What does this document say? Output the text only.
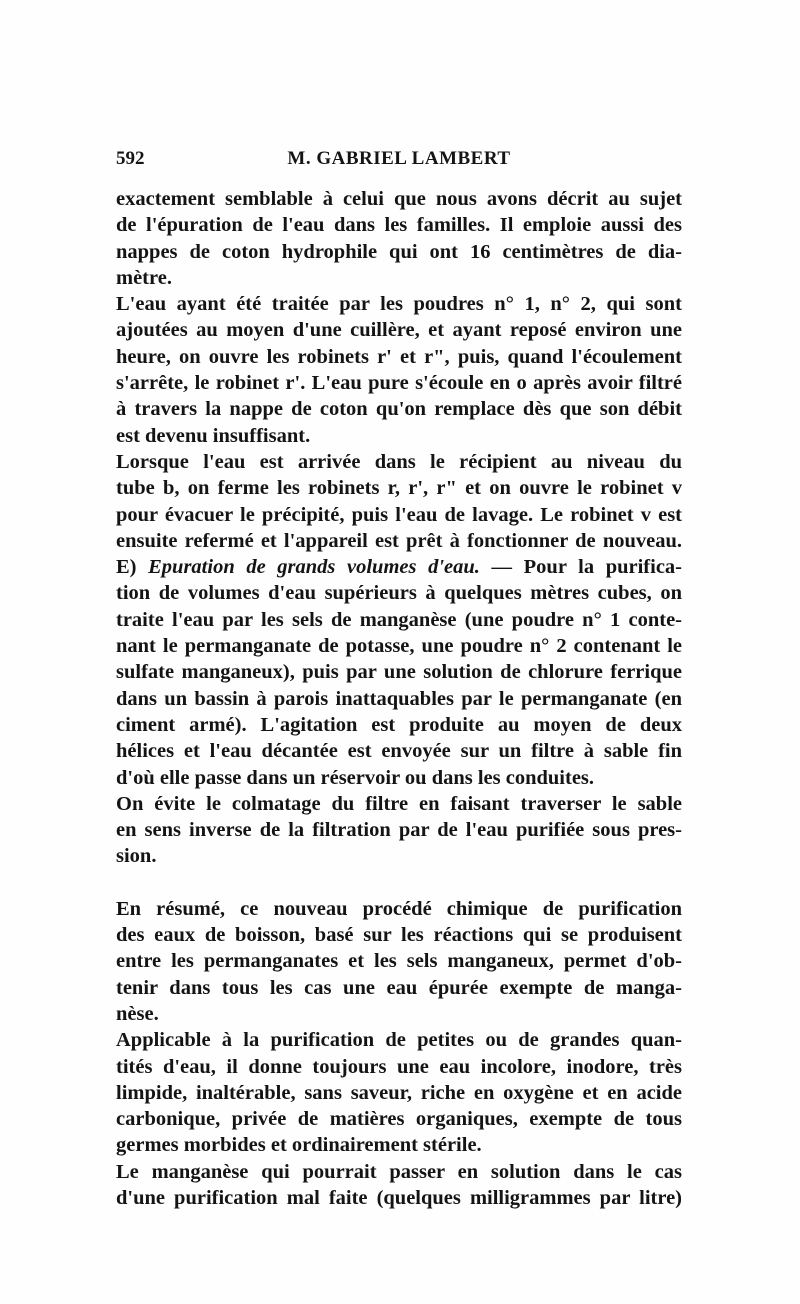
592	M. GABRIEL LAMBERT
exactement semblable à celui que nous avons décrit au sujet
de l'épuration de l'eau dans les familles. Il emploie aussi des
nappes de coton hydrophile qui ont 16 centimètres de dia-
mètre.
L'eau ayant été traitée par les poudres n° 1, n° 2, qui sont
ajoutées au moyen d'une cuillère, et ayant reposé environ une
heure, on ouvre les robinets r' et r", puis, quand l'écoulement
s'arrête, le robinet r'. L'eau pure s'écoule en o après avoir filtré
à travers la nappe de coton qu'on remplace dès que son débit
est devenu insuffisant.
Lorsque l'eau est arrivée dans le récipient au niveau du
tube b, on ferme les robinets r, r', r" et on ouvre le robinet v
pour évacuer le précipité, puis l'eau de lavage. Le robinet v est
ensuite refermé et l'appareil est prêt à fonctionner de nouveau.
E) Epuration de grands volumes d'eau. — Pour la purifica-
tion de volumes d'eau supérieurs à quelques mètres cubes, on
traite l'eau par les sels de manganèse (une poudre n° 1 conte-
nant le permanganate de potasse, une poudre n° 2 contenant le
sulfate manganeux), puis par une solution de chlorure ferrique
dans un bassin à parois inattaquables par le permanganate (en
ciment armé). L'agitation est produite au moyen de deux
hélices et l'eau décantée est envoyée sur un filtre à sable fin
d'où elle passe dans un réservoir ou dans les conduites.
On évite le colmatage du filtre en faisant traverser le sable
en sens inverse de la filtration par de l'eau purifiée sous pres-
sion.
En résumé, ce nouveau procédé chimique de purification
des eaux de boisson, basé sur les réactions qui se produisent
entre les permanganates et les sels manganeux, permet d'ob-
tenir dans tous les cas une eau épurée exempte de manga-
nèse.
Applicable à la purification de petites ou de grandes quan-
tités d'eau, il donne toujours une eau incolore, inodore, très
limpide, inaltérable, sans saveur, riche en oxygène et en acide
carbonique, privée de matières organiques, exempte de tous
germes morbides et ordinairement stérile.
Le manganèse qui pourrait passer en solution dans le cas
d'une purification mal faite (quelques milligrammes par litre)
